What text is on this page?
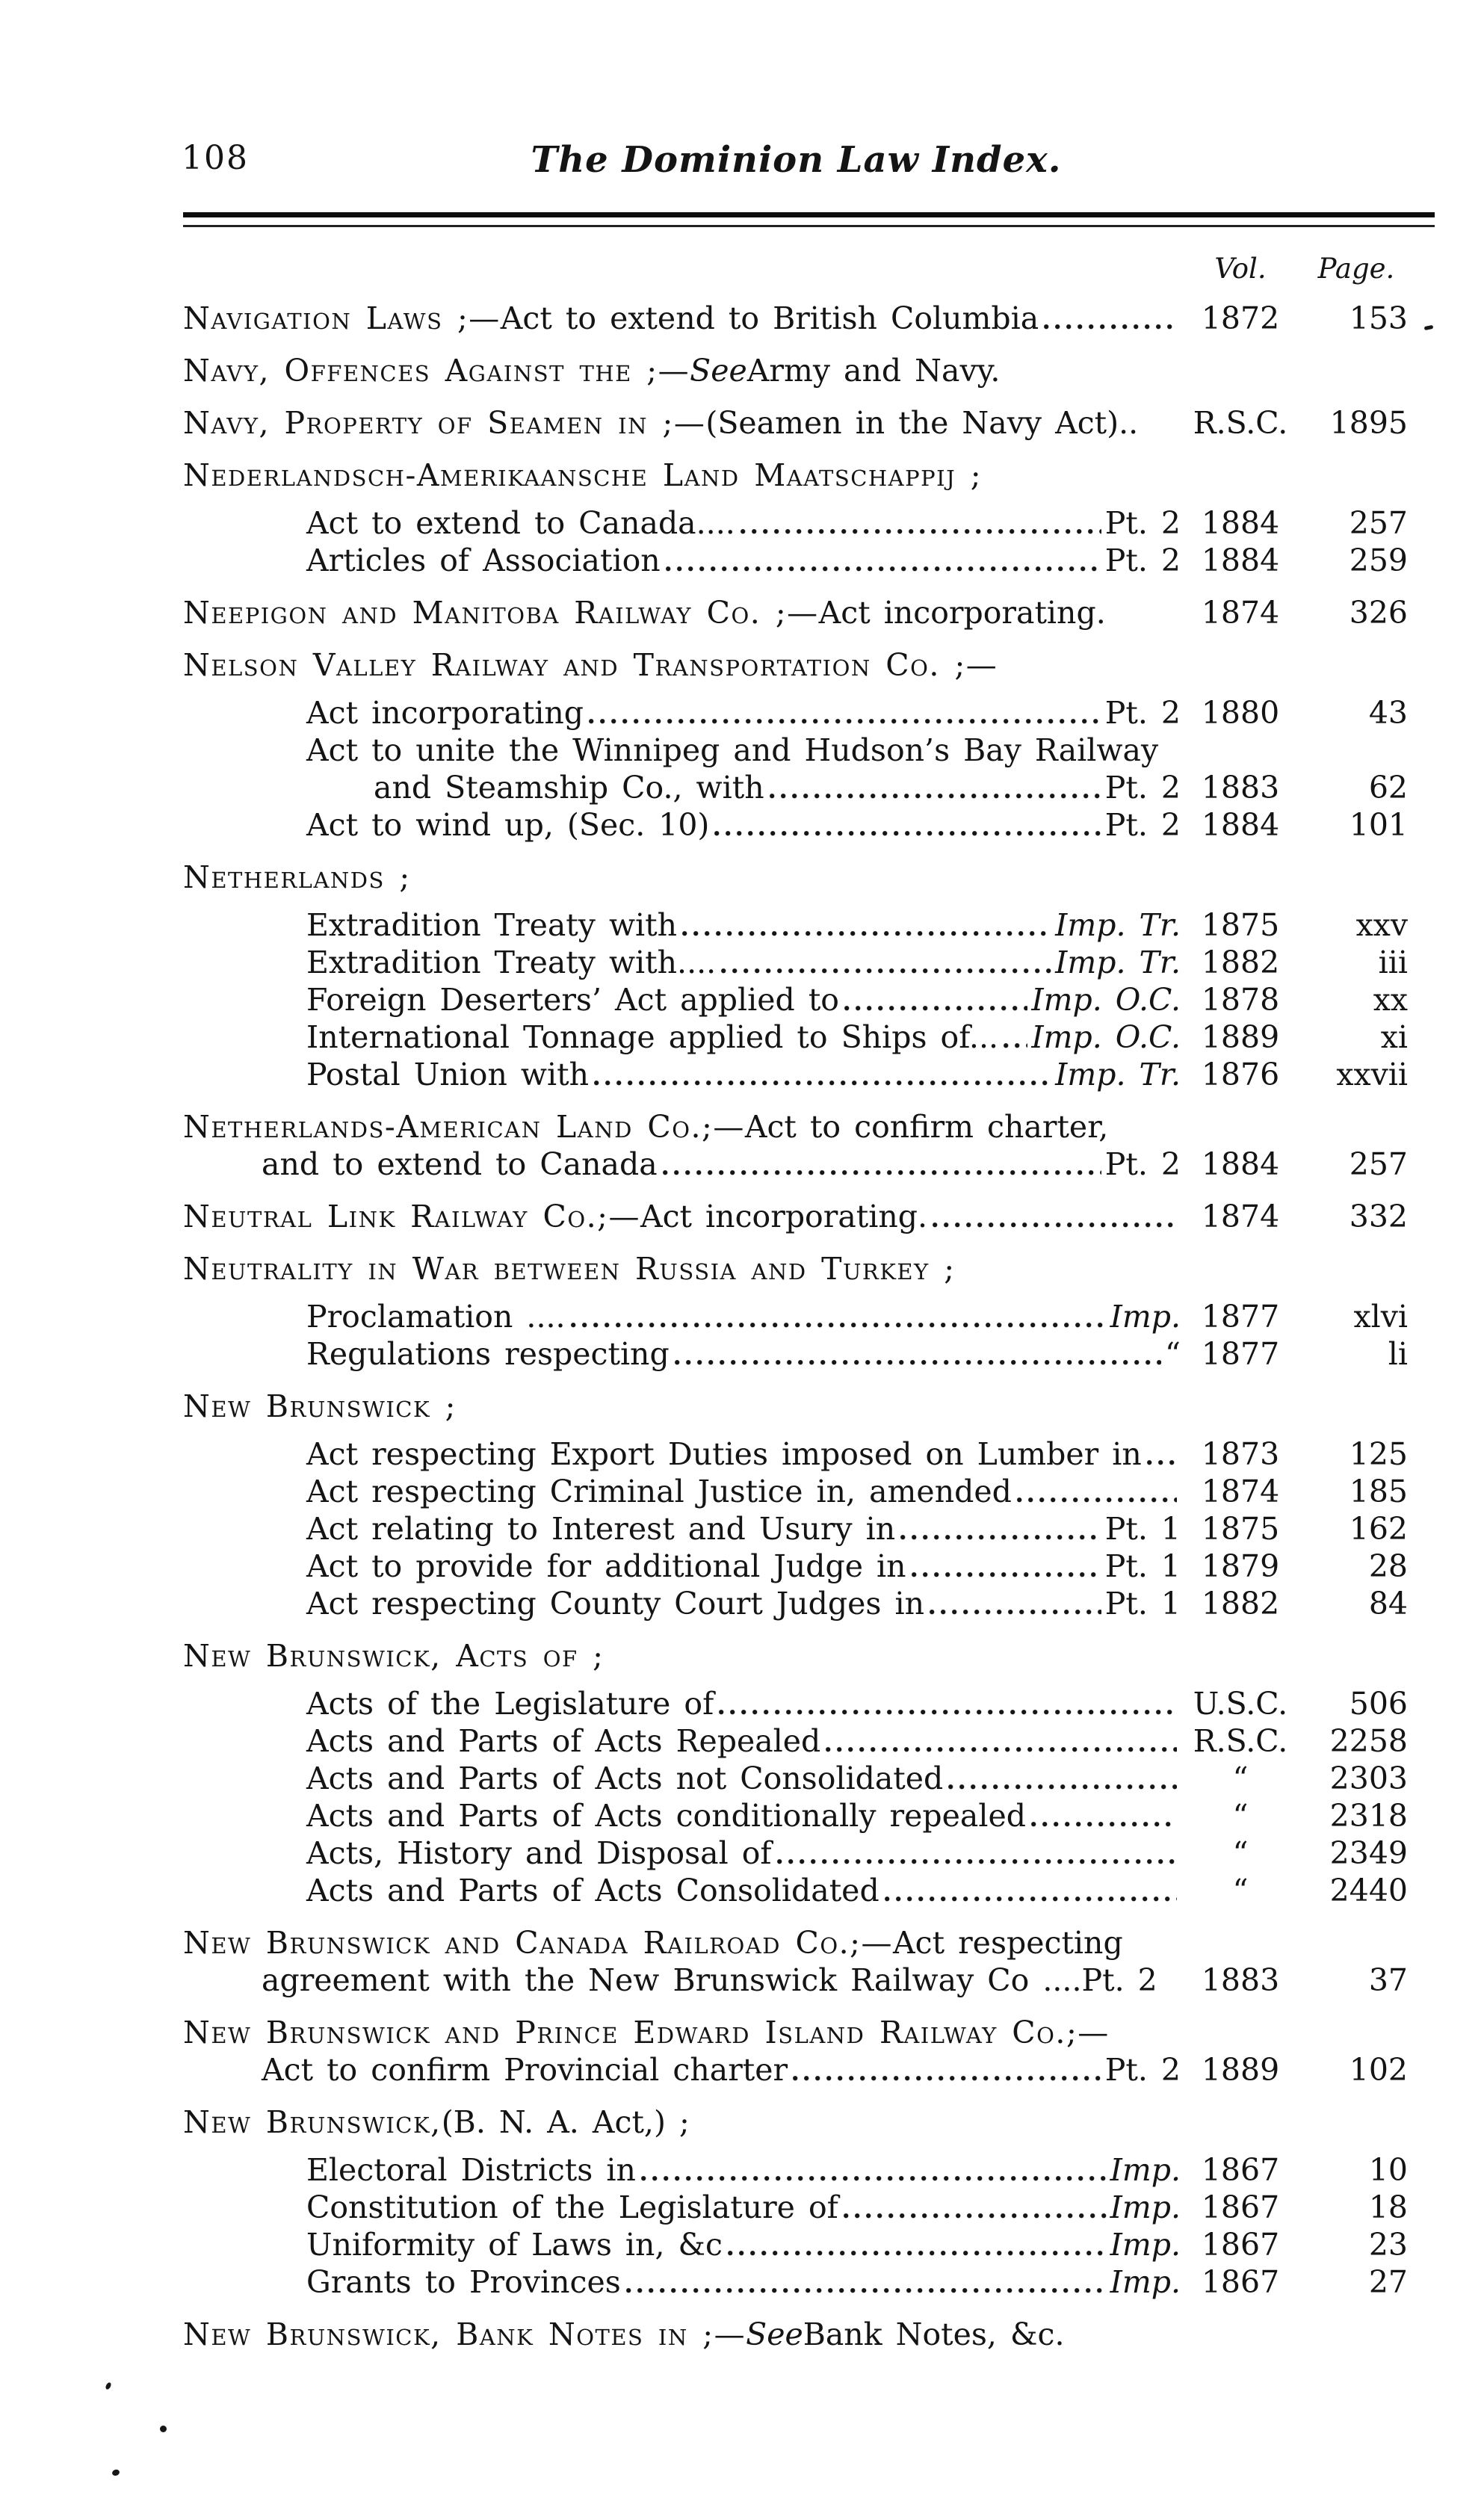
108	The Dominion Law Index.
Vol.	Page.
Navigation Laws ;— Act to extend to British Columbia	1872	153
Navy, Offences Against the ;— See Army and Navy.
Navy, Property of Seamen in ;— (Seamen in the Navy Act)..	R.S.C.	1895
Nederlandsch-Amerikaansche Land Maatschappij ;
Act to extend to Canada....	Pt. 2 1884	257
Articles of Association	Pt. 2 1884	259
Neepigon and Manitoba Railway Co. ;— Act incorporating.	1874	326
Nelson Valley Railway and Transportation Co. ;—
Act incorporating	Pt. 2 1880	43
Act to unite the Winnipeg and Hudson’s Bay Railway
and Steamship Co., with	Pt. 2 1883	62
Act to wind up, (Sec. 10)	Pt. 2 1884	101
Netherlands ;
Extradition Treaty with	Imp. Tr. 1875	xxv
Extradition Treaty with....	Imp. Tr. 1882	iii
Foreign Deserters’ Act applied to	Imp. O.C. 1878	xx
International Tonnage applied to Ships of... Imp. O.C. 1889	xi
Postal Union with	Imp. Tr. 1876	xxvii
Netherlands-American Land Co.;— Act to confirm charter,
and to extend to Canada	Pt. 2 1884	257
Neutral Link Railway Co.;— Act incorporating.	1874	332
Neutrality in War between Russia and Turkey ;
Proclamation ....	Imp. 1877	xlvi
Regulations respecting	“ 1877	li
New Brunswick ;
Act respecting Export Duties imposed on Lumber in	1873	125
Act respecting Criminal Justice in, amended	1874	185
Act relating to Interest and Usury in	Pt. 1 1875	162
Act to provide for additional Judge in	Pt. 1 1879	28
Act respecting County Court Judges in	Pt. 1 1882	84
New Brunswick, Acts of ;
Acts of the Legislature of	U.S.C.	506
Acts and Parts of Acts Repealed	R.S.C.	2258
Acts and Parts of Acts not Consolidated	“	2303
Acts and Parts of Acts conditionally repealed	“	2318
Acts, History and Disposal of	“	2349
Acts and Parts of Acts Consolidated	“	2440
New Brunswick and Canada Railroad Co.;— Act respecting
agreement with the New Brunswick Railway Co .... Pt. 2	1883	37
New Brunswick and Prince Edward Island Railway Co.;—
Act to confirm Provincial charter	Pt. 2 1889	102
New Brunswick, (B. N. A. Act,) ;
Electoral Districts in	Imp. 1867	10
Constitution of the Legislature of	Imp. 1867	18
Uniformity of Laws in, &c	Imp. 1867	23
Grants to Provinces	Imp. 1867	27
New Brunswick, Bank Notes in ;— See Bank Notes, &c.
